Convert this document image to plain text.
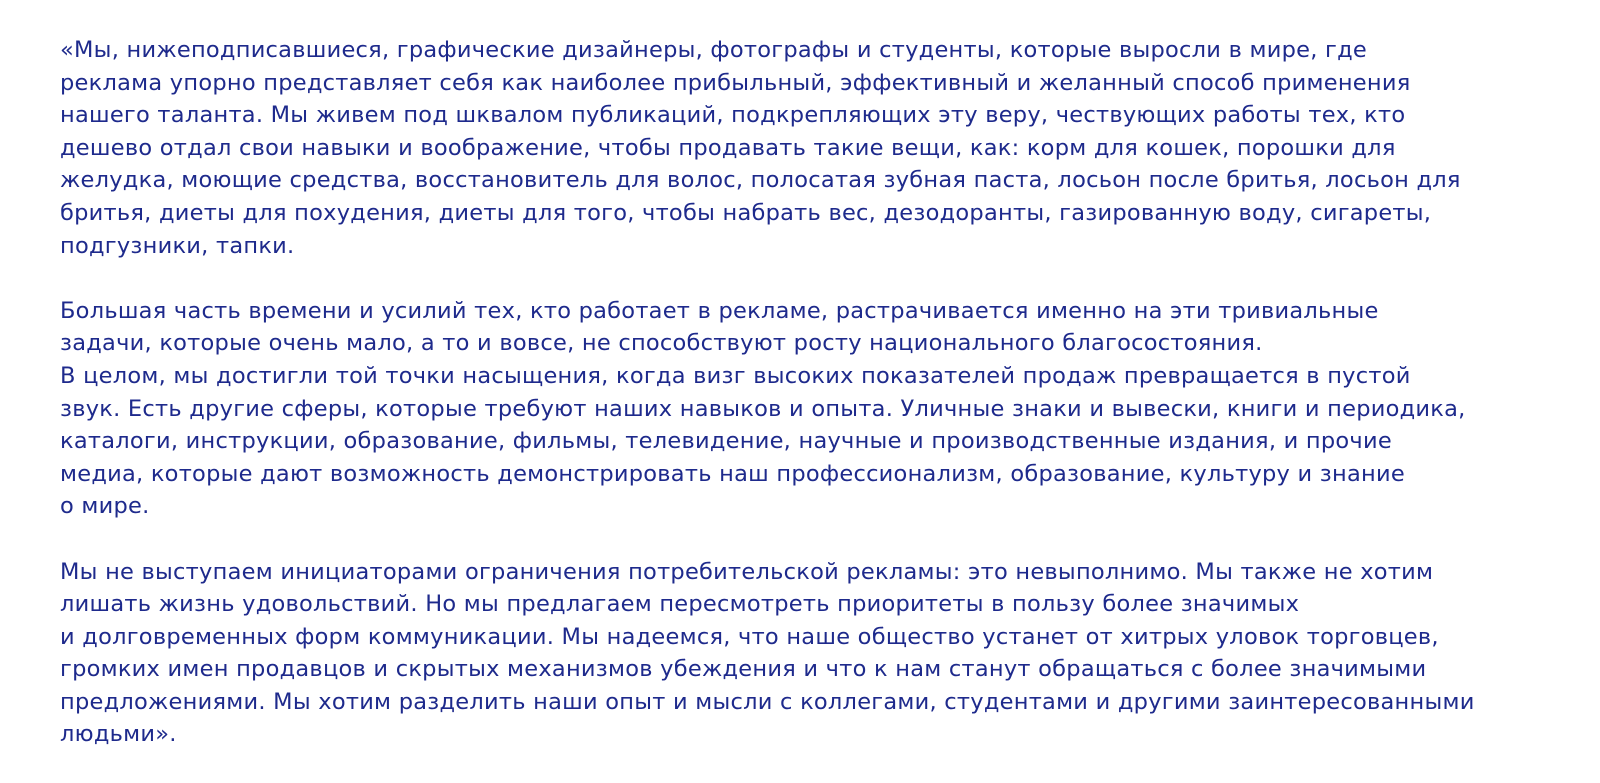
«Мы, нижеподписавшиеся, графические дизайнеры, фотографы и студенты, которые выросли в мире, где
реклама упорно представляет себя как наиболее прибыльный, эффективный и желанный способ применения
нашего таланта. Мы живем под шквалом публикаций, подкрепляющих эту веру, чествующих работы тех, кто
дешево отдал свои навыки и воображение, чтобы продавать такие вещи, как: корм для кошек, порошки для
желудка, моющие средства, восстановитель для волос, полосатая зубная паста, лосьон после бритья, лосьон для
бритья, диеты для похудения, диеты для того, чтобы набрать вес, дезодоранты, газированную воду, сигареты,
подгузники, тапки.

Большая часть времени и усилий тех, кто работает в рекламе, растрачивается именно на эти тривиальные
задачи, которые очень мало, а то и вовсе, не способствуют росту национального благосостояния.
В целом, мы достигли той точки насыщения, когда визг высоких показателей продаж превращается в пустой
звук. Есть другие сферы, которые требуют наших навыков и опыта. Уличные знаки и вывески, книги и периодика,
каталоги, инструкции, образование, фильмы, телевидение, научные и производственные издания, и прочие
медиа, которые дают возможность демонстрировать наш профессионализм, образование, культуру и знание
о мире.

Мы не выступаем инициаторами ограничения потребительской рекламы: это невыполнимо. Мы также не хотим
лишать жизнь удовольствий. Но мы предлагаем пересмотреть приоритеты в пользу более значимых
и долговременных форм коммуникации. Мы надеемся, что наше общество устанет от хитрых уловок торговцев,
громких имен продавцов и скрытых механизмов убеждения и что к нам станут обращаться с более значимыми
предложениями. Мы хотим разделить наши опыт и мысли с коллегами, студентами и другими заинтересованными
людьми».
